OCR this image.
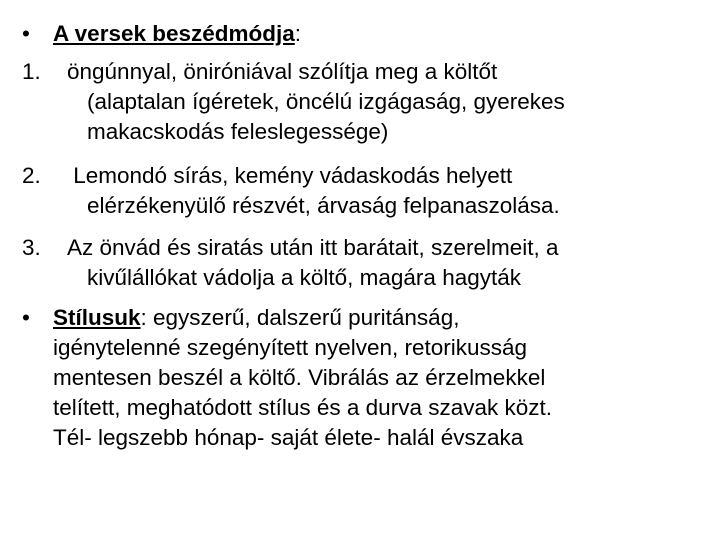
• A versek beszédmódja:
1. öngúnnyal, öniróniával szólítja meg a költőt
(alaptalan ígéretek, öncélú izgágaság, gyerekes
makacskodás feleslegessége)
2. Lemondó sírás, kemény vádaskodás helyett
elérzékenyülő részvét, árvaság felpanaszolása.
3. Az önvád és siratás után itt barátait, szerelmeit, a
kivűlállókat vádolja a költő, magára hagyták
• Stílusuk: egyszerű, dalszerű puritánság,
igénytelenné szegényített nyelven, retorikusság
mentesen beszél a költő. Vibrálás az érzelmekkel
telített, meghatódott stílus és a durva szavak közt.
Tél- legszebb hónap- saját élete- halál évszaka
